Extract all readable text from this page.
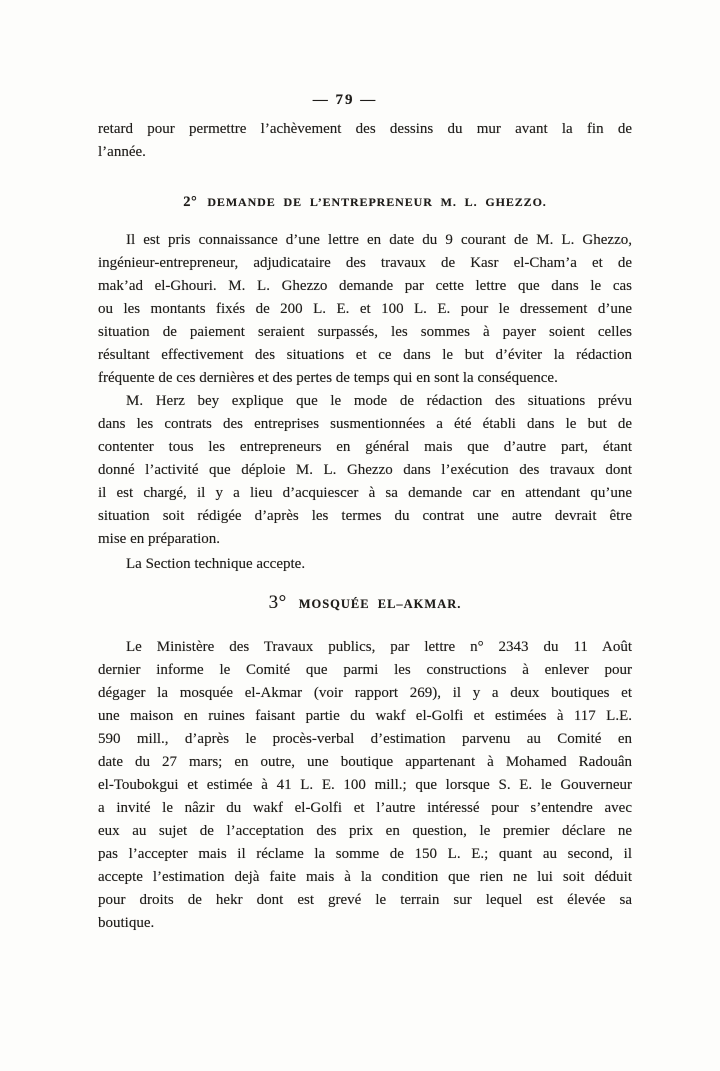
— 79 —
retard pour permettre l’achèvement des dessins du mur avant la fin de
l’année.
2° DEMANDE DE L’ENTREPRENEUR M. L. GHEZZO.
Il est pris connaissance d’une lettre en date du 9 courant de M. L. Ghezzo,
ingénieur-entrepreneur, adjudicataire des travaux de Kasr el-Cham’a et de
mak’ad el-Ghouri. M. L. Ghezzo demande par cette lettre que dans le cas
ou les montants fixés de 200 L. E. et 100 L. E. pour le dressement d’une
situation de paiement seraient surpassés, les sommes à payer soient celles
résultant effectivement des situations et ce dans le but d’éviter la rédaction
fréquente de ces dernières et des pertes de temps qui en sont la conséquence.
M. Herz bey explique que le mode de rédaction des situations prévu
dans les contrats des entreprises susmentionnées a été établi dans le but de
contenter tous les entrepreneurs en général mais que d’autre part, étant
donné l’activité que déploie M. L. Ghezzo dans l’exécution des travaux dont
il est chargé, il y a lieu d’acquiescer à sa demande car en attendant qu’une
situation soit rédigée d’après les termes du contrat une autre devrait être
mise en préparation.
La Section technique accepte.
3° MOSQUÉE EL–AKMAR.
Le Ministère des Travaux publics, par lettre n° 2343 du 11 Août
dernier informe le Comité que parmi les constructions à enlever pour
dégager la mosquée el-Akmar (voir rapport 269), il y a deux boutiques et
une maison en ruines faisant partie du wakf el-Golfi et estimées à 117 L.E.
590 mill., d’après le procès-verbal d’estimation parvenu au Comité en
date du 27 mars; en outre, une boutique appartenant à Mohamed Radouân
el-Toubokgui et estimée à 41 L. E. 100 mill.; que lorsque S. E. le Gouverneur
a invité le nâzir du wakf el-Golfi et l’autre intéressé pour s’entendre avec
eux au sujet de l’acceptation des prix en question, le premier déclare ne
pas l’accepter mais il réclame la somme de 150 L. E.; quant au second, il
accepte l’estimation dejà faite mais à la condition que rien ne lui soit déduit
pour droits de hekr dont est grevé le terrain sur lequel est élevée sa
boutique.
